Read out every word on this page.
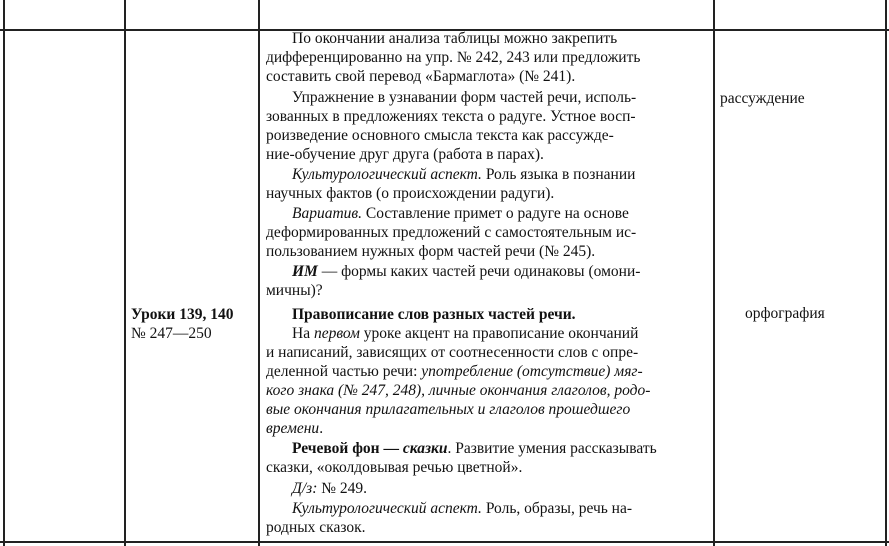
Уроки 139, 140
№ 247—250
рассуждение
орфография
По окончании анализа таблицы можно закрепить
дифференцированно на упр. № 242, 243 или предложить
составить свой перевод «Бармаглота» (№ 241).
Упражнение в узнавании форм частей речи, исполь-
зованных в предложениях текста о радуге. Устное восп-
роизведение основного смысла текста как рассужде-
ние-обучение друг друга (работа в парах).
Культурологический аспект. Роль языка в познании
научных фактов (о происхождении радуги).
Вариатив. Составление примет о радуге на основе
деформированных предложений с самостоятельным ис-
пользованием нужных форм частей речи (№ 245).
ИМ — формы каких частей речи одинаковы (омони-
мичны)?
Правописание слов разных частей речи.
На первом уроке акцент на правописание окончаний
и написаний, зависящих от соотнесенности слов с опре-
деленной частью речи: употребление (отсутствие) мяг-
кого знака (№ 247, 248), личные окончания глаголов, родо-
вые окончания прилагательных и глаголов прошедшего
времени.
Речевой фон — сказки. Развитие умения рассказывать
сказки, «околдовывая речью цветной».
Д/з: № 249.
Культурологический аспект. Роль, образы, речь на-
родных сказок.
